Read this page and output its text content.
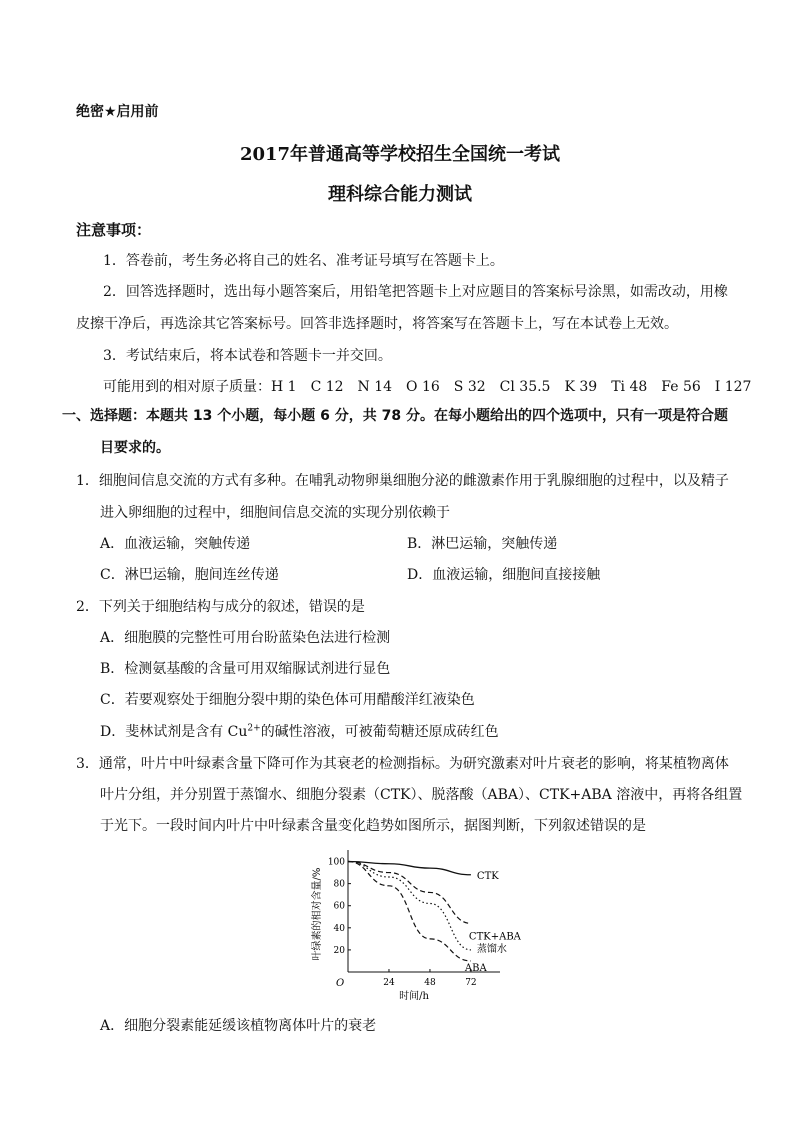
绝密★启用前
2017年普通高等学校招生全国统一考试
理科综合能力测试
注意事项：
1．答卷前，考生务必将自己的姓名、准考证号填写在答题卡上。
2．回答选择题时，选出每小题答案后，用铅笔把答题卡上对应题目的答案标号涂黑，如需改动，用橡
皮擦干净后，再选涂其它答案标号。回答非选择题时，将答案写在答题卡上，写在本试卷上无效。
3．考试结束后，将本试卷和答题卡一并交回。
可能用到的相对原子质量：H 1　C 12　N 14　O 16　S 32　Cl 35.5　K 39　Ti 48　Fe 56　I 127
一、选择题：本题共 13 个小题，每小题 6 分，共 78 分。在每小题给出的四个选项中，只有一项是符合题
目要求的。
1．细胞间信息交流的方式有多种。在哺乳动物卵巢细胞分泌的雌激素作用于乳腺细胞的过程中，以及精子
进入卵细胞的过程中，细胞间信息交流的实现分别依赖于
A．血液运输，突触传递	B．淋巴运输，突触传递
C．淋巴运输，胞间连丝传递	D．血液运输，细胞间直接接触
2．下列关于细胞结构与成分的叙述，错误的是
A．细胞膜的完整性可用台盼蓝染色法进行检测
B．检测氨基酸的含量可用双缩脲试剂进行显色
C．若要观察处于细胞分裂中期的染色体可用醋酸洋红液染色
D．斐林试剂是含有 $Cu^{2+}$的碱性溶液，可被葡萄糖还原成砖红色
3．通常，叶片中叶绿素含量下降可作为其衰老的检测指标。为研究激素对叶片衰老的影响，将某植物离体
叶片分组，并分别置于蒸馏水、细胞分裂素（CTK）、脱落酸（ABA）、CTK+ABA 溶液中，再将各组置
于光下。一段时间内叶片中叶绿素含量变化趋势如图所示，据图判断，下列叙述错误的是
O
20
40
60
80
100
24	48	72
时间/h
叶绿素的相对含量/%	CTK
CTK+ABA
蒸馏水
ABA
A．细胞分裂素能延缓该植物离体叶片的衰老
